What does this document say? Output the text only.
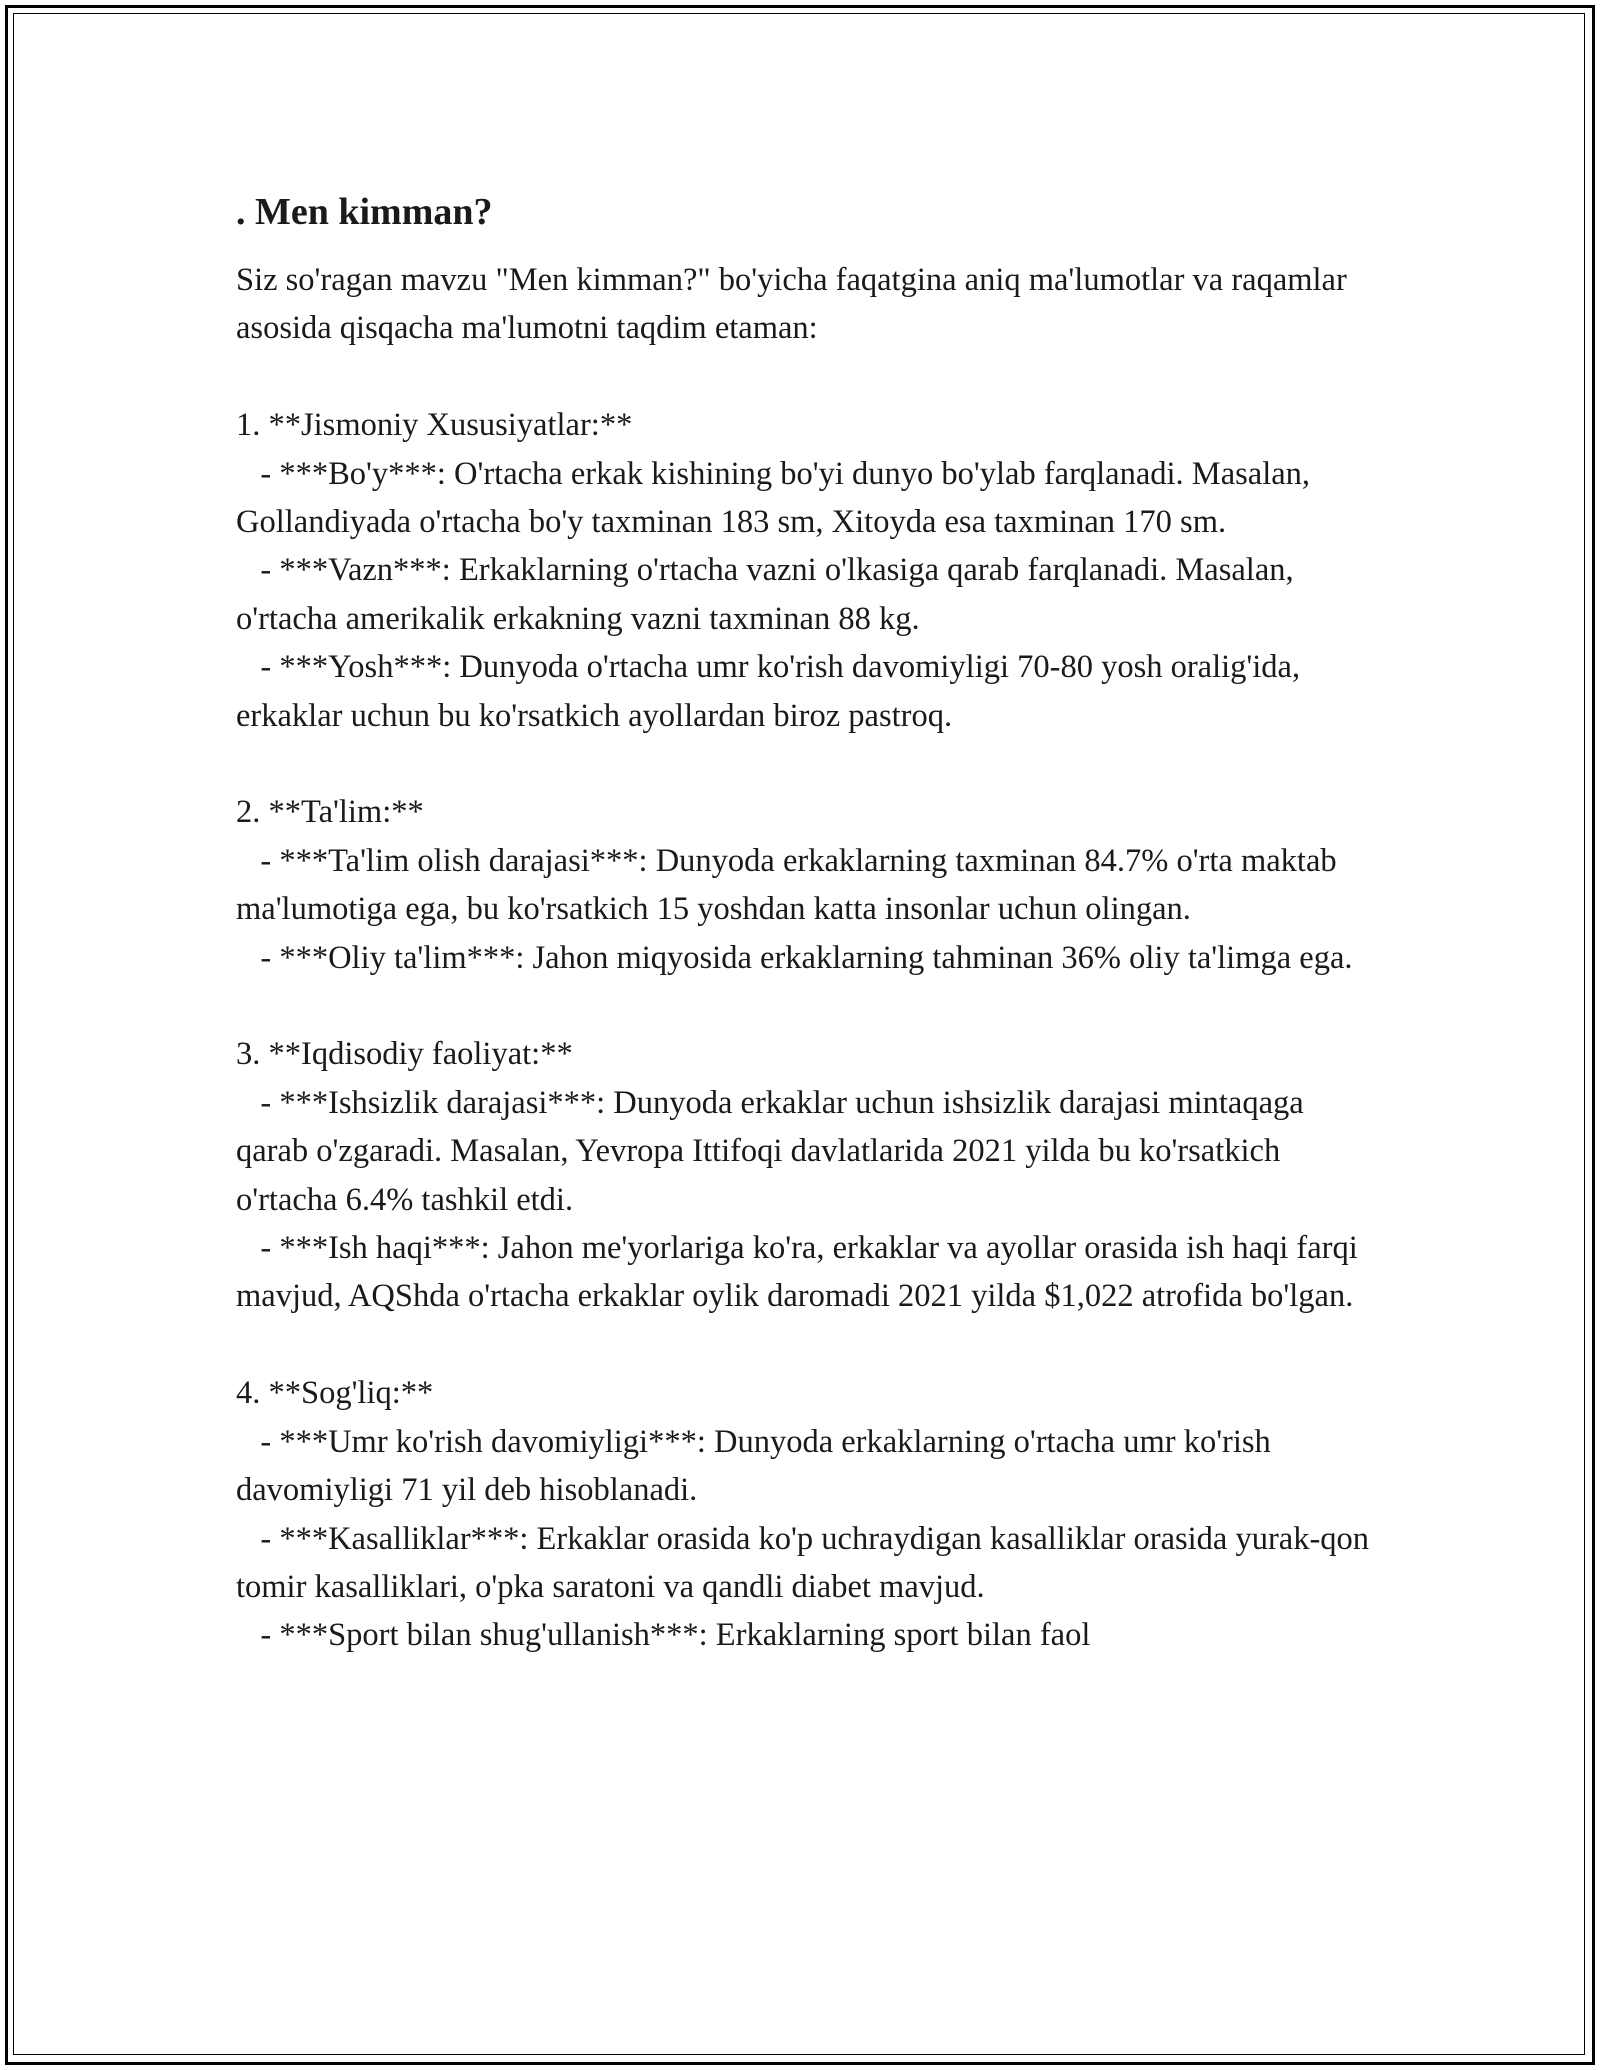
. Men kimman?

Siz so'ragan mavzu "Men kimman?" bo'yicha faqatgina aniq ma'lumotlar va raqamlar asosida qisqacha ma'lumotni taqdim etaman:

1. **Jismoniy Xususiyatlar:**

- ***Bo'y***: O'rtacha erkak kishining bo'yi dunyo bo'ylab farqlanadi. Masalan, Gollandiyada o'rtacha bo'y taxminan 183 sm, Xitoyda esa taxminan 170 sm.

- ***Vazn***: Erkaklarning o'rtacha vazni o'lkasiga qarab farqlanadi. Masalan, o'rtacha amerikalik erkakning vazni taxminan 88 kg.

- ***Yosh***: Dunyoda o'rtacha umr ko'rish davomiyligi 70-80 yosh oralig'ida, erkaklar uchun bu ko'rsatkich ayollardan biroz pastroq.

2. **Ta'lim:**

- ***Ta'lim olish darajasi***: Dunyoda erkaklarning taxminan 84.7% o'rta maktab ma'lumotiga ega, bu ko'rsatkich 15 yoshdan katta insonlar uchun olingan.

- ***Oliy ta'lim***: Jahon miqyosida erkaklarning tahminan 36% oliy ta'limga ega.

3. **Iqdisodiy faoliyat:**

- ***Ishsizlik darajasi***: Dunyoda erkaklar uchun ishsizlik darajasi mintaqaga qarab o'zgaradi. Masalan, Yevropa Ittifoqi davlatlarida 2021 yilda bu ko'rsatkich o'rtacha 6.4% tashkil etdi.

- ***Ish haqi***: Jahon me'yorlariga ko'ra, erkaklar va ayollar orasida ish haqi farqi mavjud, AQShda o'rtacha erkaklar oylik daromadi 2021 yilda $1,022 atrofida bo'lgan.

4. **Sog'liq:**

- ***Umr ko'rish davomiyligi***: Dunyoda erkaklarning o'rtacha umr ko'rish davomiyligi 71 yil deb hisoblanadi.

- ***Kasalliklar***: Erkaklar orasida ko'p uchraydigan kasalliklar orasida yurak-qon tomir kasalliklari, o'pka saratoni va qandli diabet mavjud.

- ***Sport bilan shug'ullanish***: Erkaklarning sport bilan faol
